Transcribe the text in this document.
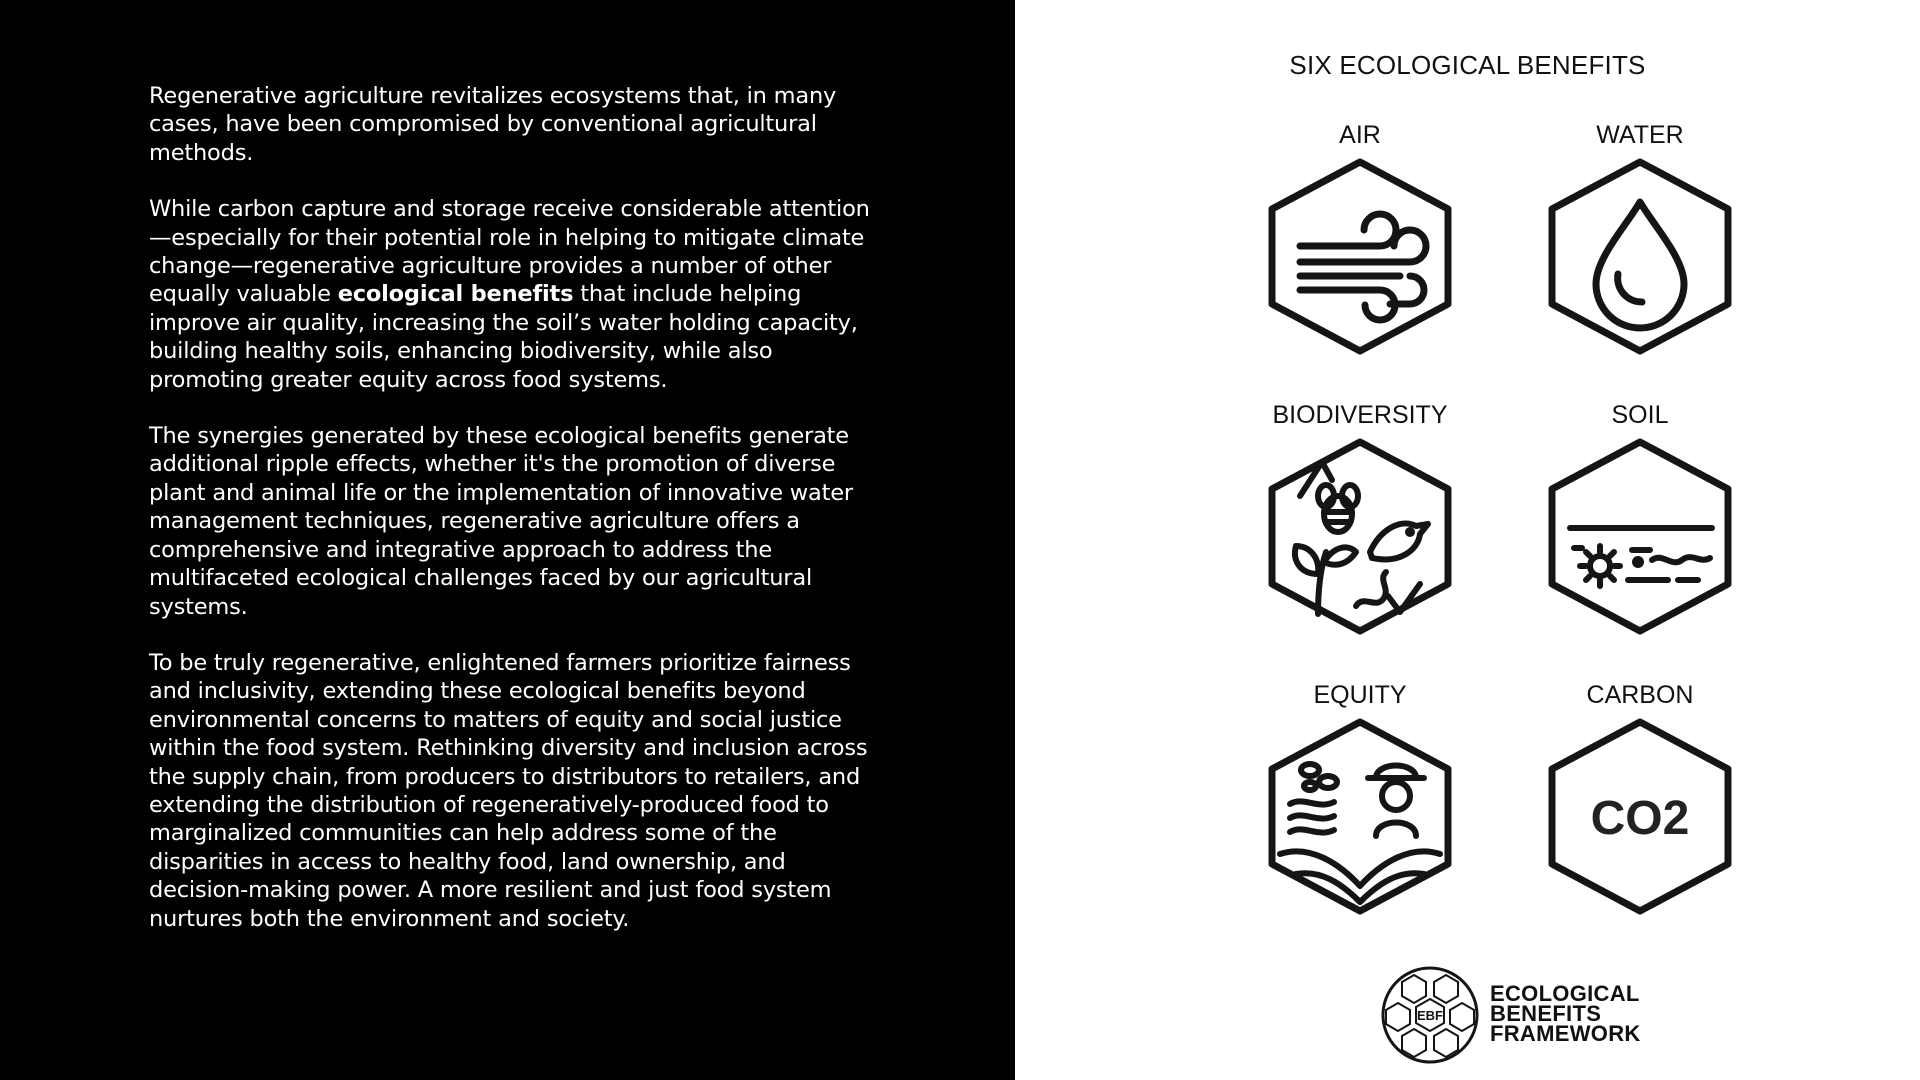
Regenerative agriculture revitalizes ecosystems that, in many cases, have been compromised by conventional agricultural methods.

While carbon capture and storage receive considerable attention—especially for their potential role in helping to mitigate climate change—regenerative agriculture provides a number of other equally valuable ecological benefits that include helping improve air quality, increasing the soil’s water holding capacity, building healthy soils, enhancing biodiversity, while also promoting greater equity across food systems.

The synergies generated by these ecological benefits generate additional ripple effects, whether it's the promotion of diverse plant and animal life or the implementation of innovative water management techniques, regenerative agriculture offers a comprehensive and integrative approach to address the multifaceted ecological challenges faced by our agricultural systems.

To be truly regenerative, enlightened farmers prioritize fairness and inclusivity, extending these ecological benefits beyond environmental concerns to matters of equity and social justice within the food system. Rethinking diversity and inclusion across the supply chain, from producers to distributors to retailers, and extending the distribution of regeneratively-produced food to marginalized communities can help address some of the disparities in access to healthy food, land ownership, and decision-making power. A more resilient and just food system nurtures both the environment and society.

SIX ECOLOGICAL BENEFITS
AIR	WATER
BIODIVERSITY	SOIL
EQUITY	CARBON
CO2
EBF
ECOLOGICAL
BENEFITS
FRAMEWORK
